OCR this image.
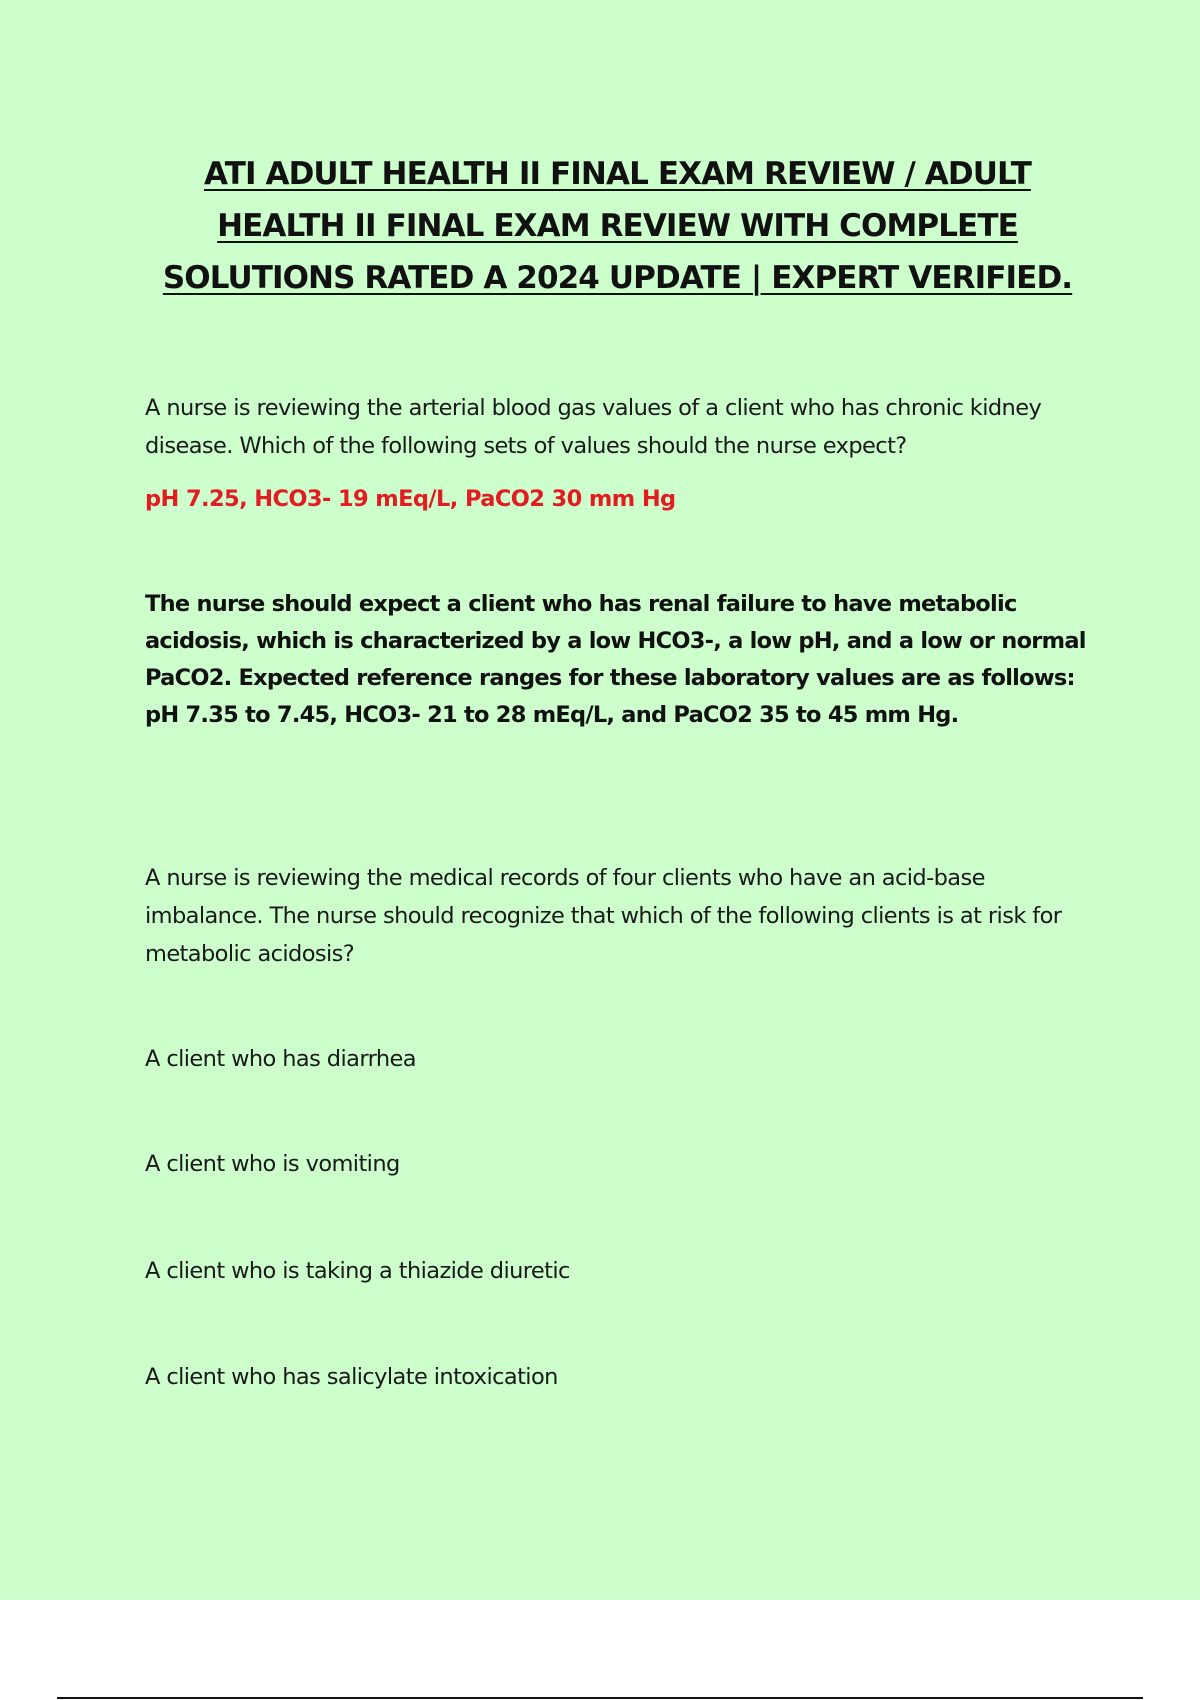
ATI ADULT HEALTH II FINAL EXAM REVIEW / ADULT
HEALTH II FINAL EXAM REVIEW WITH COMPLETE
SOLUTIONS RATED A 2024 UPDATE | EXPERT VERIFIED.

A nurse is reviewing the arterial blood gas values of a client who has chronic kidney disease. Which of the following sets of values should the nurse expect?

pH 7.25, HCO3- 19 mEq/L, PaCO2 30 mm Hg

The nurse should expect a client who has renal failure to have metabolic acidosis, which is characterized by a low HCO3-, a low pH, and a low or normal PaCO2. Expected reference ranges for these laboratory values are as follows: pH 7.35 to 7.45, HCO3- 21 to 28 mEq/L, and PaCO2 35 to 45 mm Hg.

A nurse is reviewing the medical records of four clients who have an acid-base imbalance. The nurse should recognize that which of the following clients is at risk for metabolic acidosis?

A client who has diarrhea

A client who is vomiting

A client who is taking a thiazide diuretic

A client who has salicylate intoxication
